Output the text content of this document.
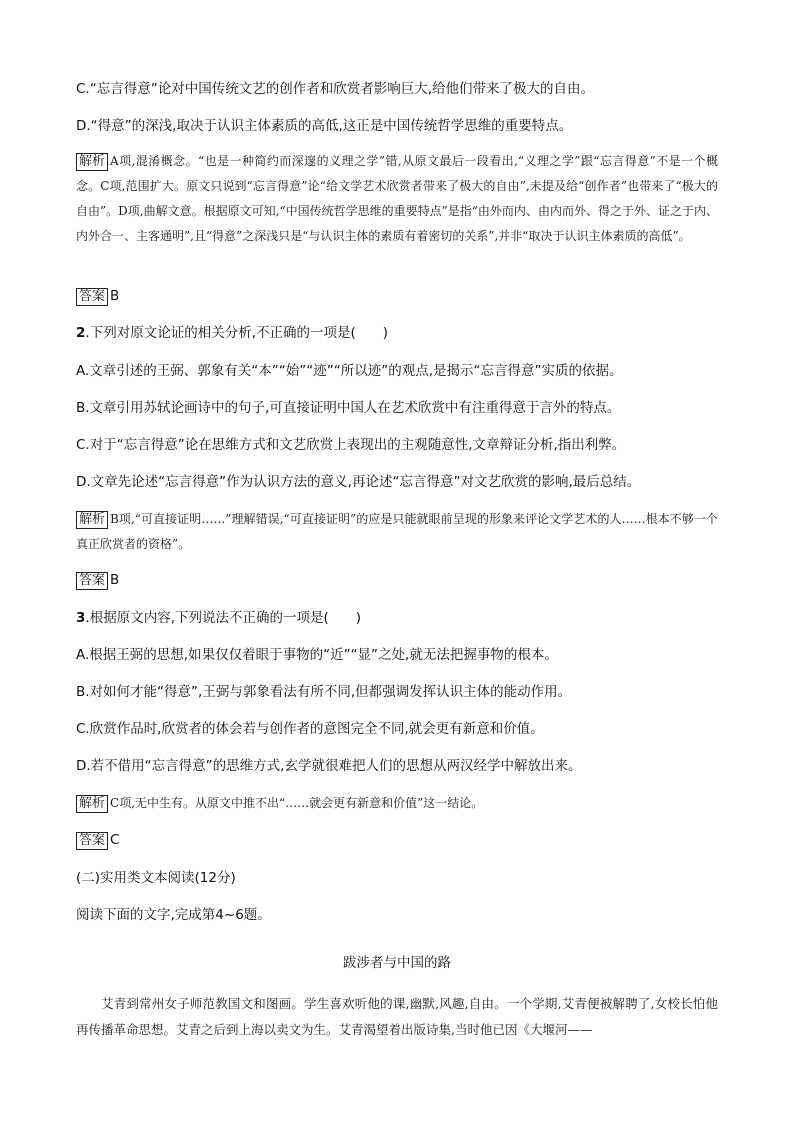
C.“忘言得意”论对中国传统文艺的创作者和欣赏者影响巨大,给他们带来了极大的自由。
D.“得意”的深浅,取决于认识主体素质的高低,这正是中国传统哲学思维的重要特点。
解析 A项,混淆概念。“也是一种简约而深邃的义理之学”错,从原文最后一段看出,“义理之学”跟“忘言得意”不是一个概念。C项,范围扩大。原文只说到“忘言得意”论“给文学艺术欣赏者带来了极大的自由”,未提及给“创作者”也带来了“极大的自由”。D项,曲解文意。根据原文可知,“中国传统哲学思维的重要特点”是指“由外而内、由内而外、得之于外、证之于内、内外合一、主客通明”,且“得意”之深浅只是“与认识主体的素质有着密切的关系”,并非“取决于认识主体素质的高低”。
答案 B
2.下列对原文论证的相关分析,不正确的一项是(　　)
A.文章引述的王弼、郭象有关“本”“始”“迹”“所以迹”的观点,是揭示“忘言得意”实质的依据。
B.文章引用苏轼论画诗中的句子,可直接证明中国人在艺术欣赏中有注重得意于言外的特点。
C.对于“忘言得意”论在思维方式和文艺欣赏上表现出的主观随意性,文章辩证分析,指出利弊。
D.文章先论述“忘言得意”作为认识方法的意义,再论述“忘言得意”对文艺欣赏的影响,最后总结。
解析 B项,“可直接证明……”理解错误,“可直接证明”的应是只能就眼前呈现的形象来评论文学艺术的人……根本不够一个真正欣赏者的资格”。
答案 B
3.根据原文内容,下列说法不正确的一项是(　　)
A.根据王弼的思想,如果仅仅着眼于事物的“近”“显”之处,就无法把握事物的根本。
B.对如何才能“得意”,王弼与郭象看法有所不同,但都强调发挥认识主体的能动作用。
C.欣赏作品时,欣赏者的体会若与创作者的意图完全不同,就会更有新意和价值。
D.若不借用“忘言得意”的思维方式,玄学就很难把人们的思想从两汉经学中解放出来。
解析 C项,无中生有。从原文中推不出“……就会更有新意和价值”这一结论。
答案 C
(二)实用类文本阅读(12分)
阅读下面的文字,完成第4~6题。
跋涉者与中国的路
艾青到常州女子师范教国文和图画。学生喜欢听他的课,幽默,风趣,自由。一个学期,艾青便被解聘了,女校长怕他再传播革命思想。艾青之后到上海以卖文为生。艾青渴望着出版诗集,当时他已因《大堰河——
